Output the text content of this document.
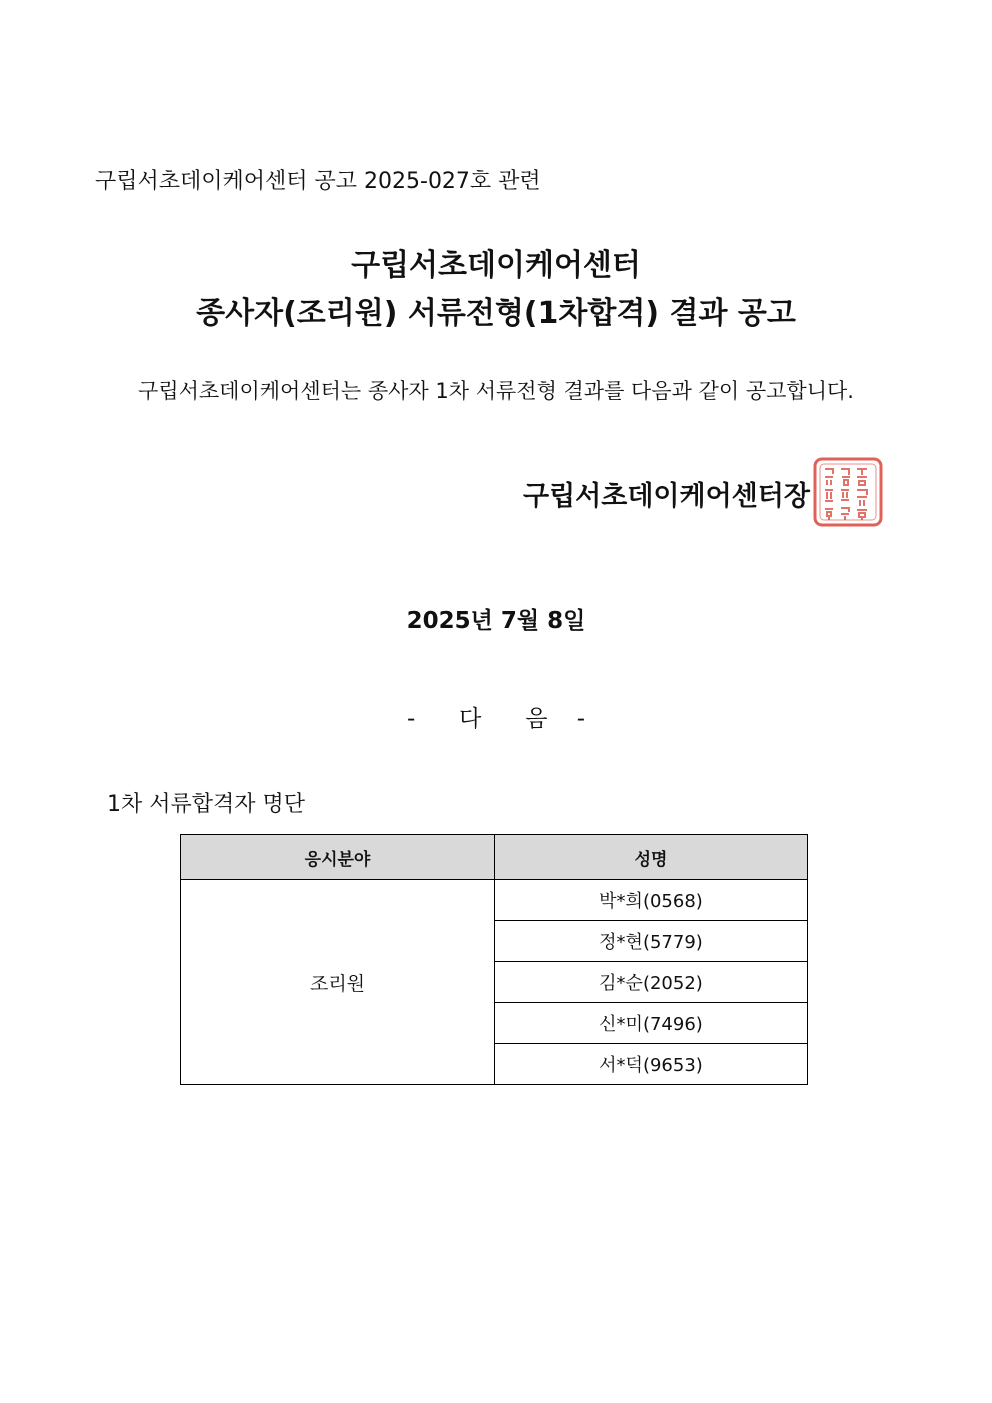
구립서초데이케어센터 공고 2025-027호 관련
구립서초데이케어센터
종사자(조리원) 서류전형(1차합격) 결과 공고
구립서초데이케어센터는 종사자 1차 서류전형 결과를 다음과 같이 공고합니다.
구립서초데이케어센터장
2025년 7월 8일
-      다      음    -
1차 서류합격자 명단
응시분야	성명
조리원	박*희(0568)
	정*현(5779)
	김*순(2052)
	신*미(7496)
	서*덕(9653)
